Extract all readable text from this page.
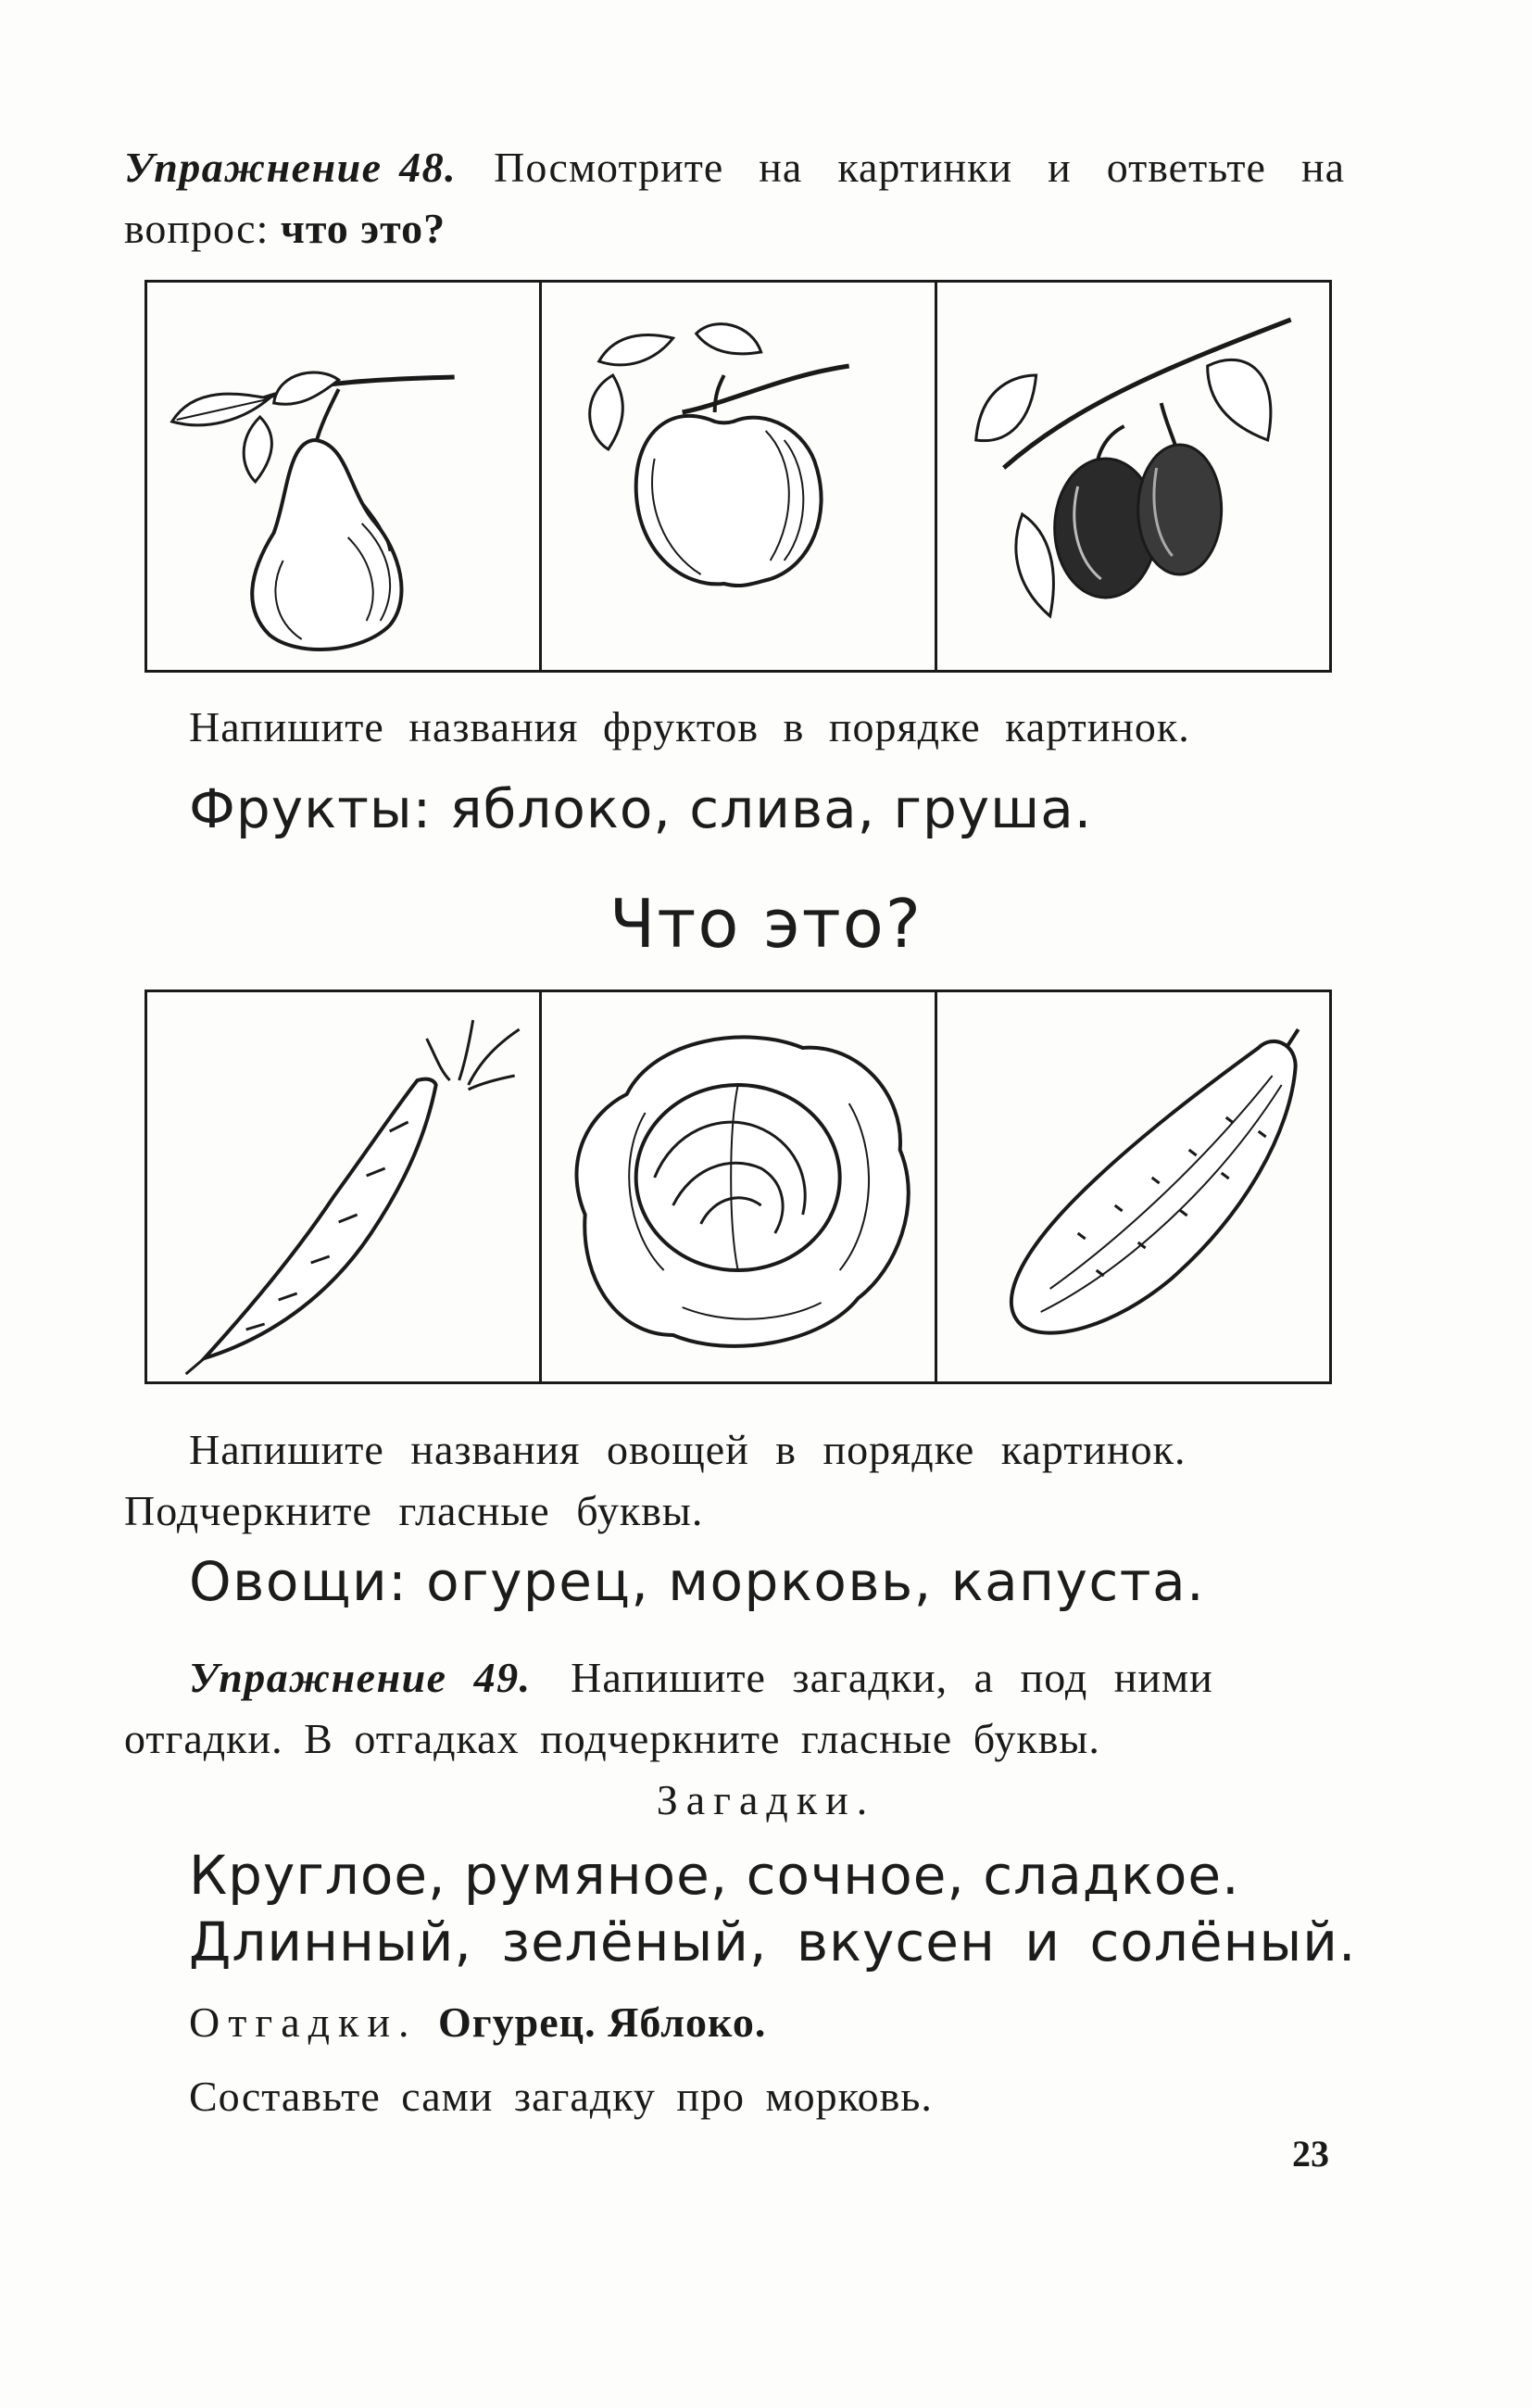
Упражнение 48. Посмотрите на картинки и ответьте на вопрос: что это?
Напишите названия фруктов в порядке картинок.
Фрукты: яблоко, слива, груша.
Что это?
Напишите названия овощей в порядке картинок.
Подчеркните гласные буквы.
Овощи: огурец, морковь, капуста.
Упражнение 49. Напишите загадки, а под ними
отгадки. В отгадках подчеркните гласные буквы.
Загадки.
Круглое, румяное, сочное, сладкое.
Длинный, зелёный, вкусен и солёный.
Отгадки. Огурец. Яблоко.
Составьте сами загадку про морковь.
23
